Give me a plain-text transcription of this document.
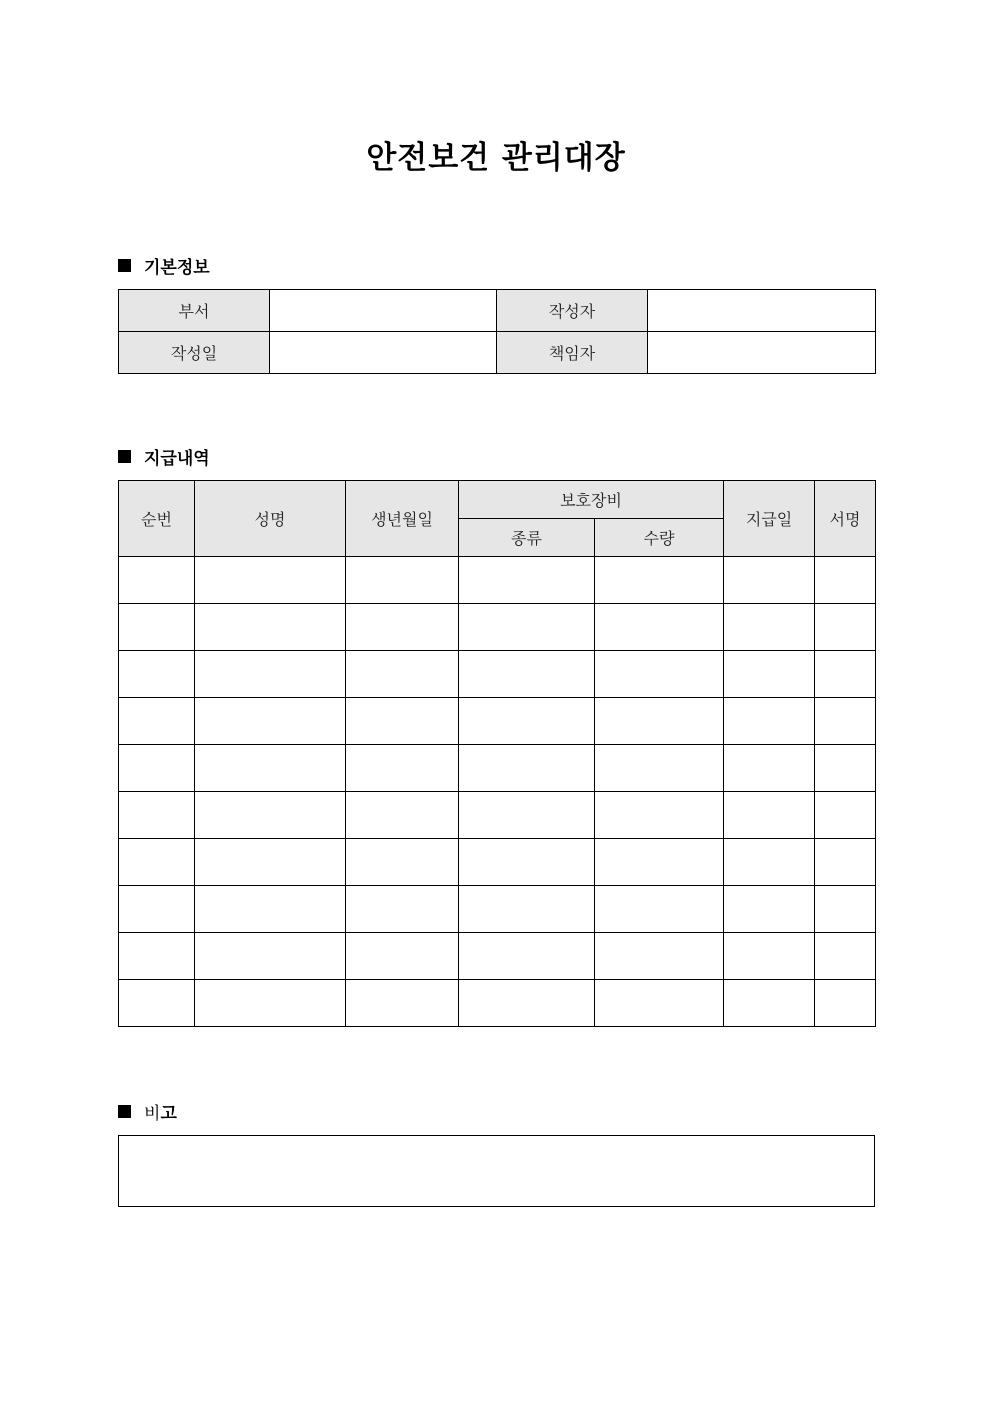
안전보건 관리대장
기본정보
부서		작성자	
작성일		책임자	
지급내역
순번	성명	생년월일	보호장비		지급일	서명
			종류	수량		

비 고
